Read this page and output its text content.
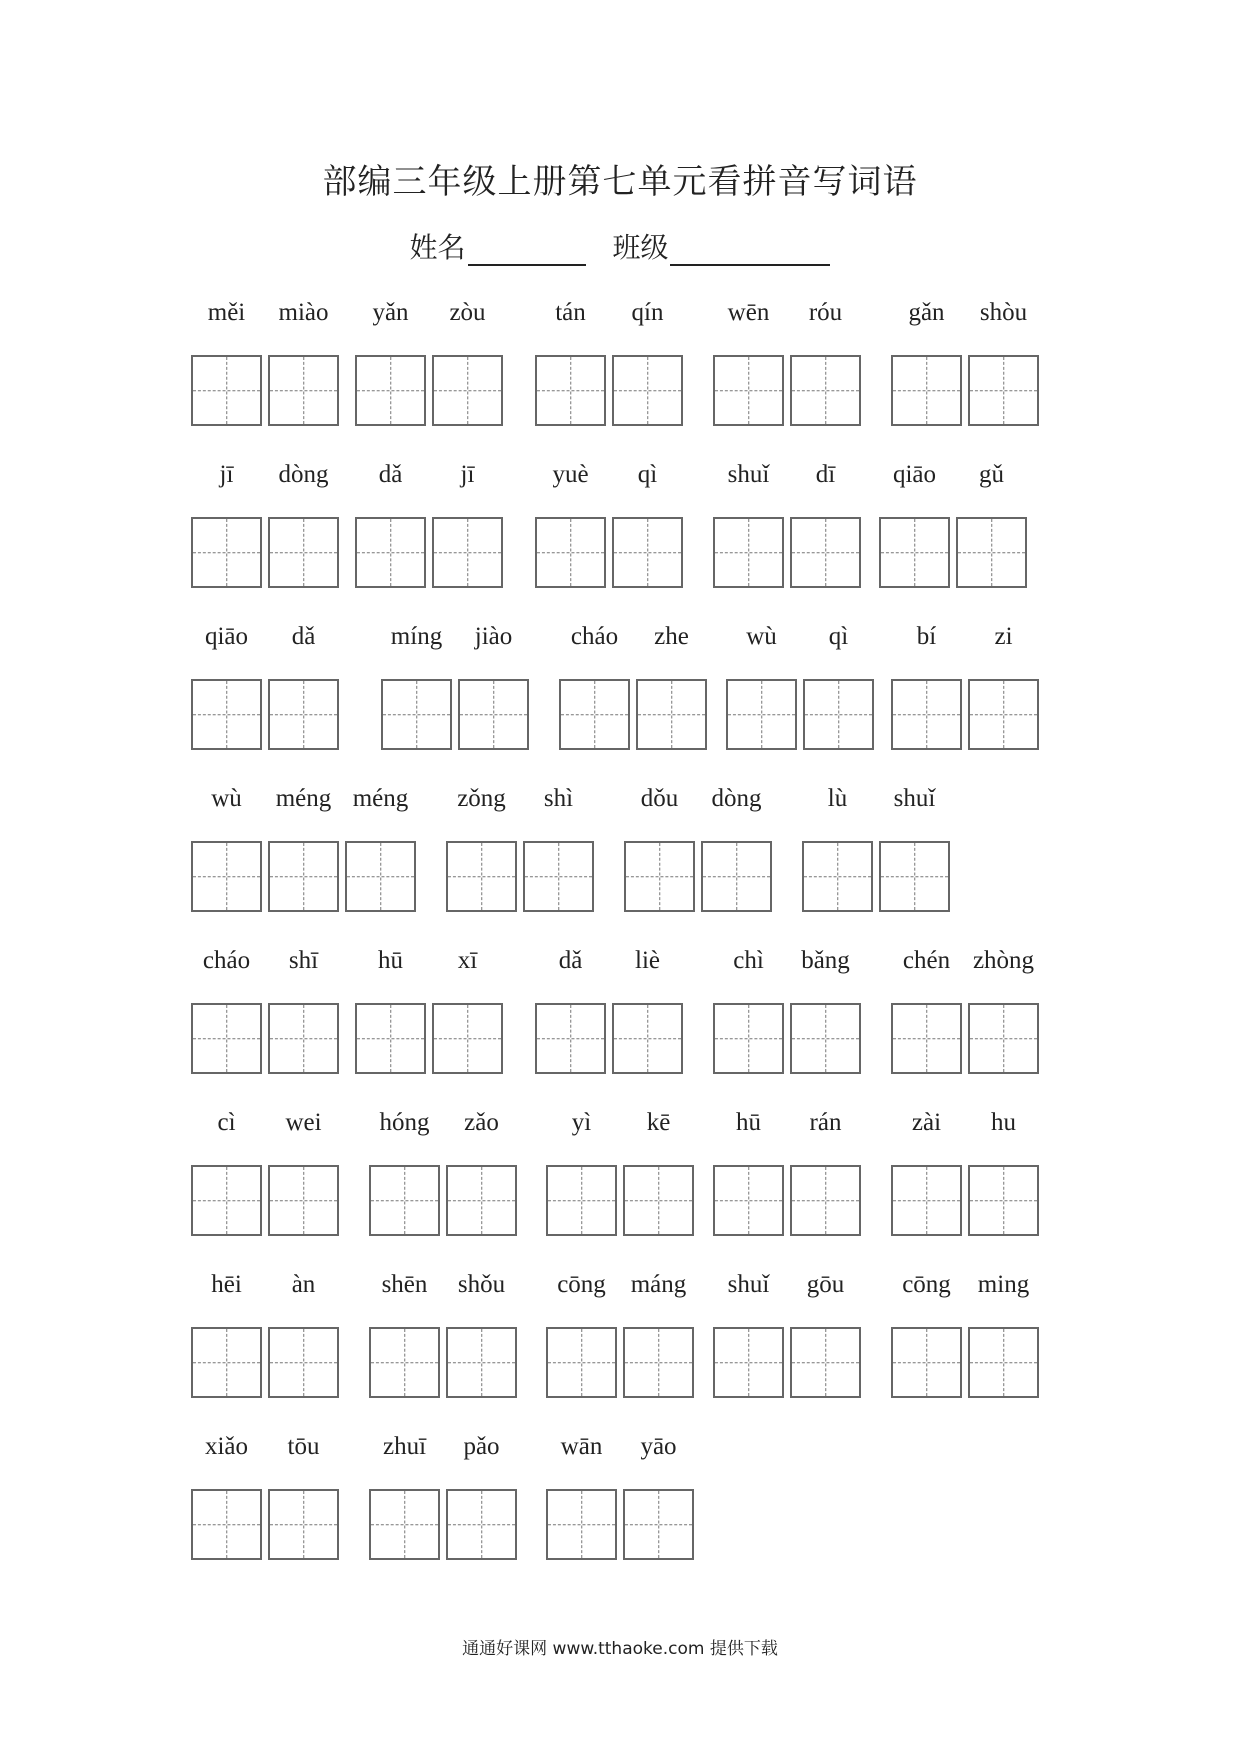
部编三年级上册第七单元看拼音写词语
姓名	班级
měi	miào	yǎn	zòu	tán	qín	wēn	róu	gǎn	shòu
jī	dòng	dǎ	jī	yuè	qì	shuǐ	dī	qiāo	gǔ
qiāo	dǎ	míng	jiào	cháo	zhe	wù	qì	bí	zi
wù	méng méng	zǒng	shì	dǒu	dòng	lù	shuǐ
cháo	shī	hū	xī	dǎ	liè	chì	bǎng	chén zhòng
cì	wei	hóng	zǎo	yì	kē	hū	rán	zài	hu
hēi	àn	shēn	shǒu	cōng máng	shuǐ	gōu	cōng	ming
xiǎo	tōu	zhuī	pǎo	wān	yāo
通通好课网 www.tthaoke.com 提供下载
